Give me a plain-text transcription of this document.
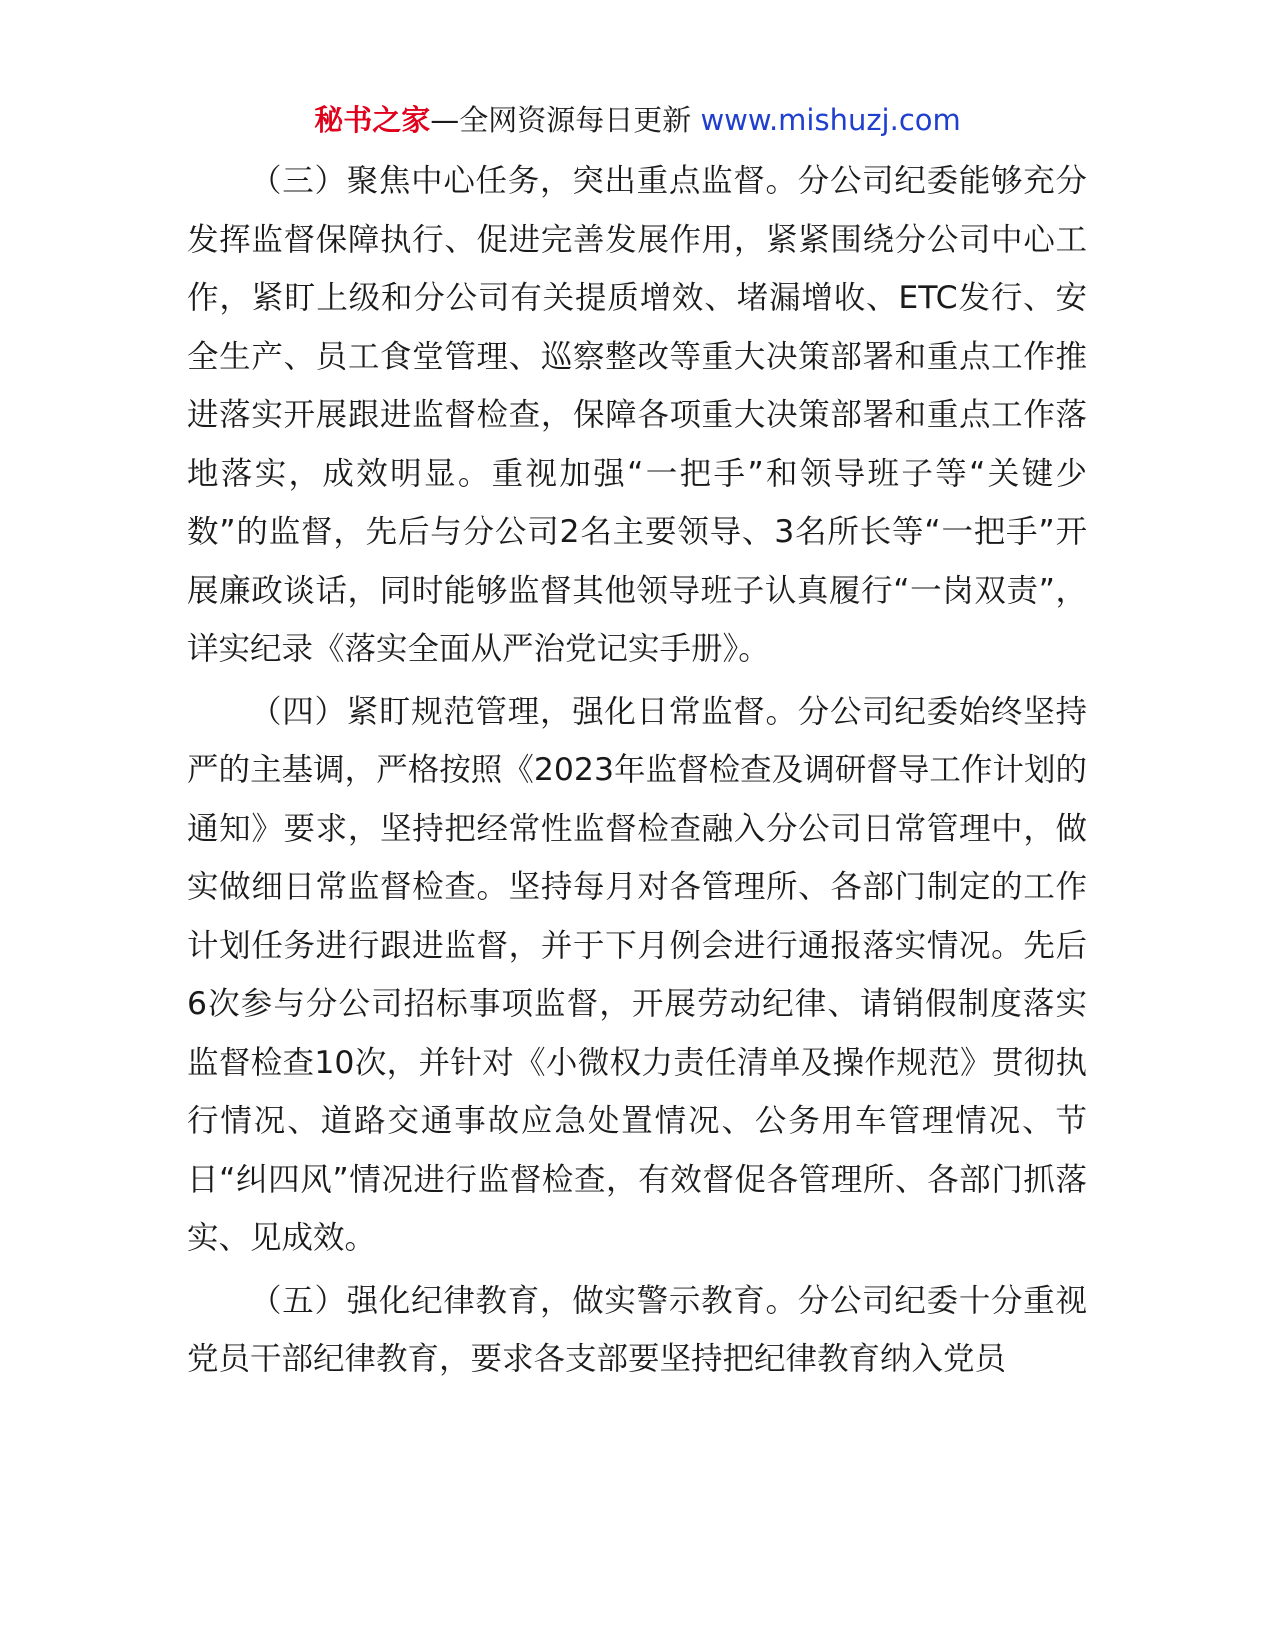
秘书之家—全网资源每日更新 www.mishuzj.com

（三）聚焦中心任务，突出重点监督。分公司纪委能够充分发挥监督保障执行、促进完善发展作用，紧紧围绕分公司中心工作，紧盯上级和分公司有关提质增效、堵漏增收、ETC发行、安全生产、员工食堂管理、巡察整改等重大决策部署和重点工作推进落实开展跟进监督检查，保障各项重大决策部署和重点工作落地落实，成效明显。重视加强“一把手”和领导班子等“关键少数”的监督，先后与分公司2名主要领导、3名所长等“一把手”开展廉政谈话，同时能够监督其他领导班子认真履行“一岗双责”，详实纪录《落实全面从严治党记实手册》。

（四）紧盯规范管理，强化日常监督。分公司纪委始终坚持严的主基调，严格按照《2023年监督检查及调研督导工作计划的通知》要求，坚持把经常性监督检查融入分公司日常管理中，做实做细日常监督检查。坚持每月对各管理所、各部门制定的工作计划任务进行跟进监督，并于下月例会进行通报落实情况。先后6次参与分公司招标事项监督，开展劳动纪律、请销假制度落实监督检查10次，并针对《小微权力责任清单及操作规范》贯彻执行情况、道路交通事故应急处置情况、公务用车管理情况、节日“纠四风”情况进行监督检查，有效督促各管理所、各部门抓落实、见成效。

（五）强化纪律教育，做实警示教育。分公司纪委十分重视党员干部纪律教育，要求各支部要坚持把纪律教育纳入党员
